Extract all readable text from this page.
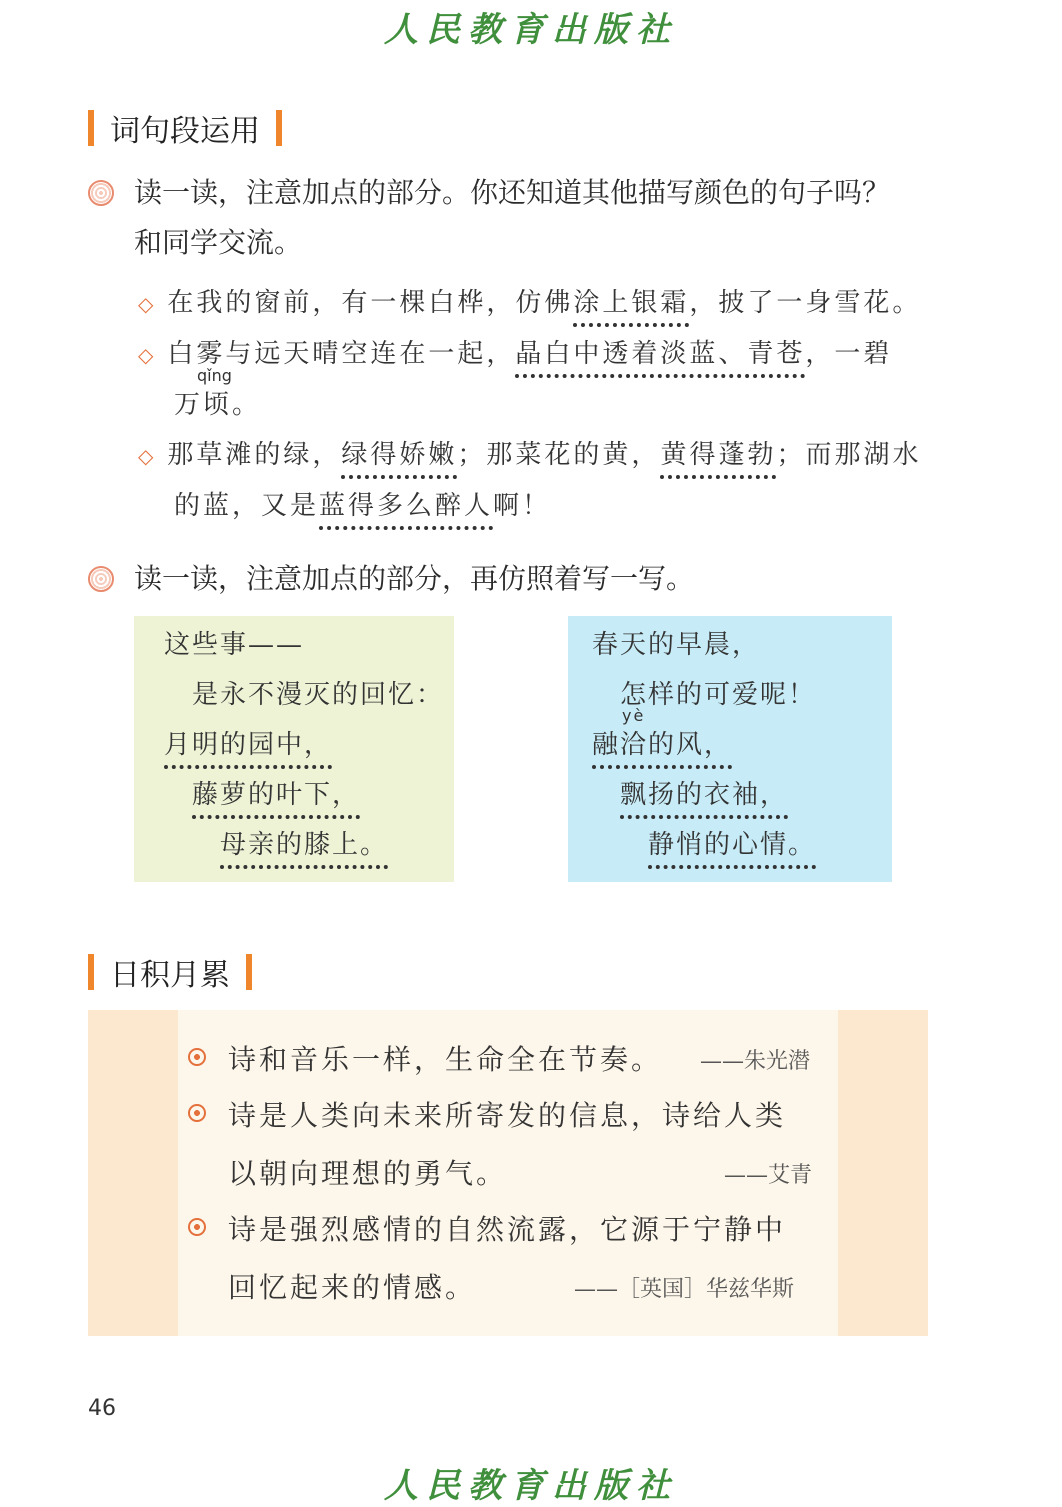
人民教育出版社
词句段运用
读一读，注意加点的部分。你还知道其他描写颜色的句子吗？
和同学交流。
◇ 在我的窗前，有一棵白桦，仿佛涂上银霜，披了一身雪花。
◇ 白雾与远天晴空连在一起，晶白中透着淡蓝、青苍，一碧
qǐng
万顷。
◇ 那草滩的绿，绿得娇嫩；那菜花的黄，黄得蓬勃；而那湖水
的蓝，又是蓝得多么醉人啊！
读一读，注意加点的部分，再仿照着写一写。
这些事——
是永不漫灭的回忆：
月明的园中，
藤萝的叶下，
母亲的膝上。
春天的早晨，
怎样的可爱呢！
yè
融洽的风，
飘扬的衣袖，
静悄的心情。
日积月累
诗和音乐一样，生命全在节奏。 ——朱光潜
诗是人类向未来所寄发的信息，诗给人类
以朝向理想的勇气。	——艾青
诗是强烈感情的自然流露，它源于宁静中
回忆起来的情感。	——［英国］华兹华斯
46
人民教育出版社
